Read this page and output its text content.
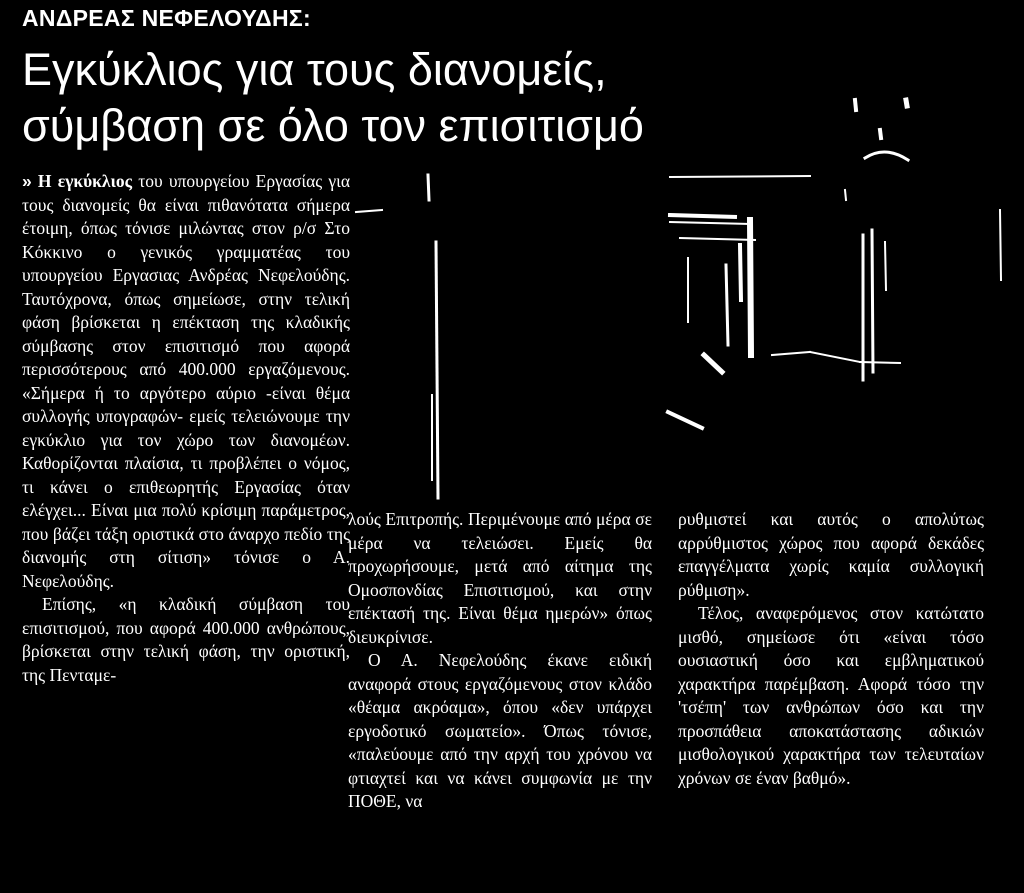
ΑΝΔΡΕΑΣ ΝΕΦΕΛΟΥΔΗΣ:
Εγκύκλιος για τους διανομείς,
σύμβαση σε όλο τον επισιτισμό

» Η εγκύκλιος του υπουργείου Εργασίας για τους διανομείς θα είναι πιθανότατα σήμερα έτοιμη, όπως τόνισε μιλώντας στον ρ/σ Στο Κόκκινο ο γενικός γραμματέας του υπουργείου Εργασιας Ανδρέας Νεφελούδης. Ταυτόχρονα, όπως σημείωσε, στην τελική φάση βρίσκεται η επέκταση της κλαδικής σύμβασης στον επισιτισμό που αφορά περισσότερους από 400.000 εργαζόμενους. «Σήμερα ή το αργότερο αύριο -είναι θέμα συλλογής υπογραφών- εμείς τελειώνουμε την εγκύκλιο για τον χώρο των διανομέων. Καθορίζονται πλαίσια, τι προβλέπει ο νόμος, τι κάνει ο επιθεωρητής Εργασίας όταν ελέγχει... Είναι μια πολύ κρίσιμη παράμετρος, που βάζει τάξη οριστικά στο άναρχο πεδίο της διανομής στη σίτιση» τόνισε ο Α. Νεφελούδης.

Επίσης, «η κλαδική σύμβαση του επισιτισμού, που αφορά 400.000 ανθρώπους, βρίσκεται στην τελική φάση, την οριστική, της Πενταμε-

λούς Επιτροπής. Περιμένουμε από μέρα σε μέρα να τελειώσει. Εμείς θα προχωρήσουμε, μετά από αίτημα της Ομοσπονδίας Επισιτισμού, και στην επέκτασή της. Είναι θέμα ημερών» όπως διευκρίνισε.

Ο Α. Νεφελούδης έκανε ειδική αναφορά στους εργαζόμενους στον κλάδο «θέαμα ακρόαμα», όπου «δεν υπάρχει εργοδοτικό σωματείο». Όπως τόνισε, «παλεύουμε από την αρχή του χρόνου να φτιαχτεί και να κάνει συμφωνία με την ΠΟΘΕ, να

ρυθμιστεί και αυτός ο απολύτως αρρύθμιστος χώρος που αφορά δεκάδες επαγγέλματα χωρίς καμία συλλογική ρύθμιση».

Τέλος, αναφερόμενος στον κατώτατο μισθό, σημείωσε ότι «είναι τόσο ουσιαστική όσο και εμβληματικού χαρακτήρα παρέμβαση. Αφορά τόσο την 'τσέπη' των ανθρώπων όσο και την προσπάθεια αποκατάστασης αδικιών μισθολογικού χαρακτήρα των τελευταίων χρόνων σε έναν βαθμό».
